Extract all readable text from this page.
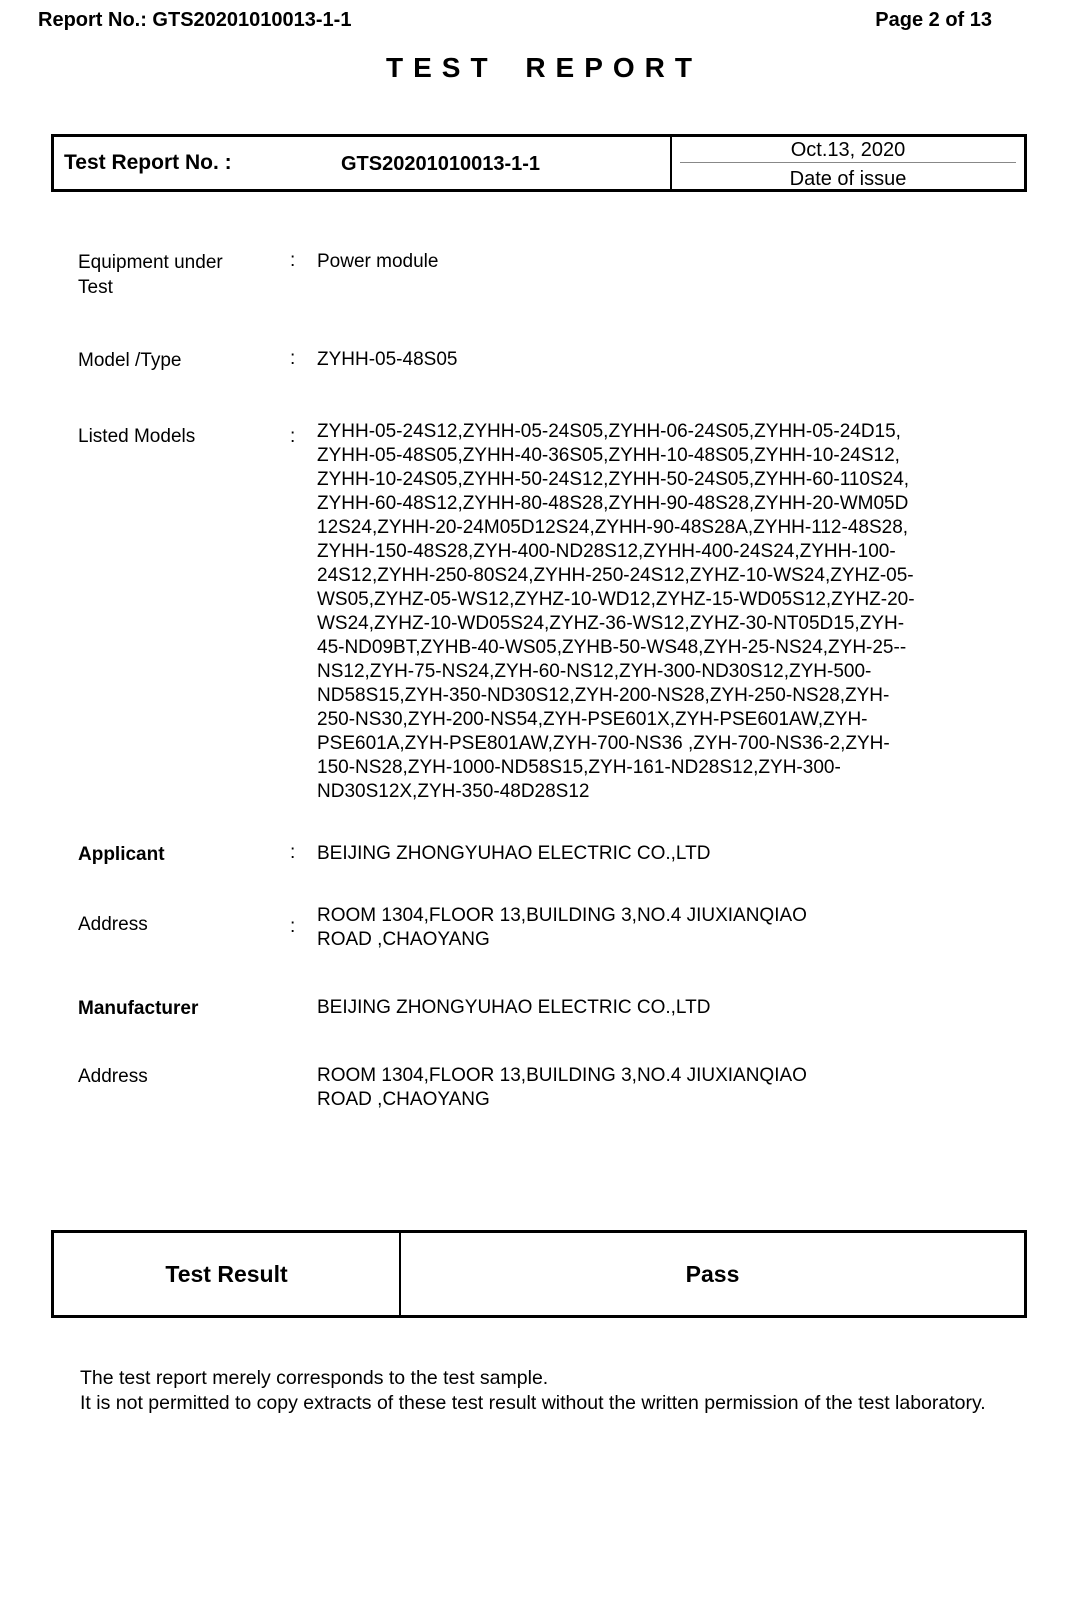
Report No.: GTS20201010013-1-1	Page 2 of 13
TEST REPORT
Test Report No. :	GTS20201010013-1-1
Oct.13, 2020
Date of issue
Equipment under Test
: Power module
Model /Type	: ZYHH-05-48S05
Listed Models	: ZYHH-05-24S12,ZYHH-05-24S05,ZYHH-06-24S05,ZYHH-05-24D15,
ZYHH-05-48S05,ZYHH-40-36S05,ZYHH-10-48S05,ZYHH-10-24S12,
ZYHH-10-24S05,ZYHH-50-24S12,ZYHH-50-24S05,ZYHH-60-110S24,
ZYHH-60-48S12,ZYHH-80-48S28,ZYHH-90-48S28,ZYHH-20-WM05D
12S24,ZYHH-20-24M05D12S24,ZYHH-90-48S28A,ZYHH-112-48S28,
ZYHH-150-48S28,ZYH-400-ND28S12,ZYHH-400-24S24,ZYHH-100-
24S12,ZYHH-250-80S24,ZYHH-250-24S12,ZYHZ-10-WS24,ZYHZ-05-
WS05,ZYHZ-05-WS12,ZYHZ-10-WD12,ZYHZ-15-WD05S12,ZYHZ-20-
WS24,ZYHZ-10-WD05S24,ZYHZ-36-WS12,ZYHZ-30-NT05D15,ZYH-
45-ND09BT,ZYHB-40-WS05,ZYHB-50-WS48,ZYH-25-NS24,ZYH-25--
NS12,ZYH-75-NS24,ZYH-60-NS12,ZYH-300-ND30S12,ZYH-500-
ND58S15,ZYH-350-ND30S12,ZYH-200-NS28,ZYH-250-NS28,ZYH-
250-NS30,ZYH-200-NS54,ZYH-PSE601X,ZYH-PSE601AW,ZYH-
PSE601A,ZYH-PSE801AW,ZYH-700-NS36 ,ZYH-700-NS36-2,ZYH-
150-NS28,ZYH-1000-ND58S15,ZYH-161-ND28S12,ZYH-300-
ND30S12X,ZYH-350-48D28S12
Applicant	: BEIJING ZHONGYUHAO ELECTRIC CO.,LTD
Address	:
ROOM 1304,FLOOR 13,BUILDING 3,NO.4 JIUXIANQIAO
ROAD ,CHAOYANG
Manufacturer	BEIJING ZHONGYUHAO ELECTRIC CO.,LTD
Address	ROOM 1304,FLOOR 13,BUILDING 3,NO.4 JIUXIANQIAO
ROAD ,CHAOYANG
Test Result	Pass
The test report merely corresponds to the test sample.
It is not permitted to copy extracts of these test result without the written permission of the test laboratory.
